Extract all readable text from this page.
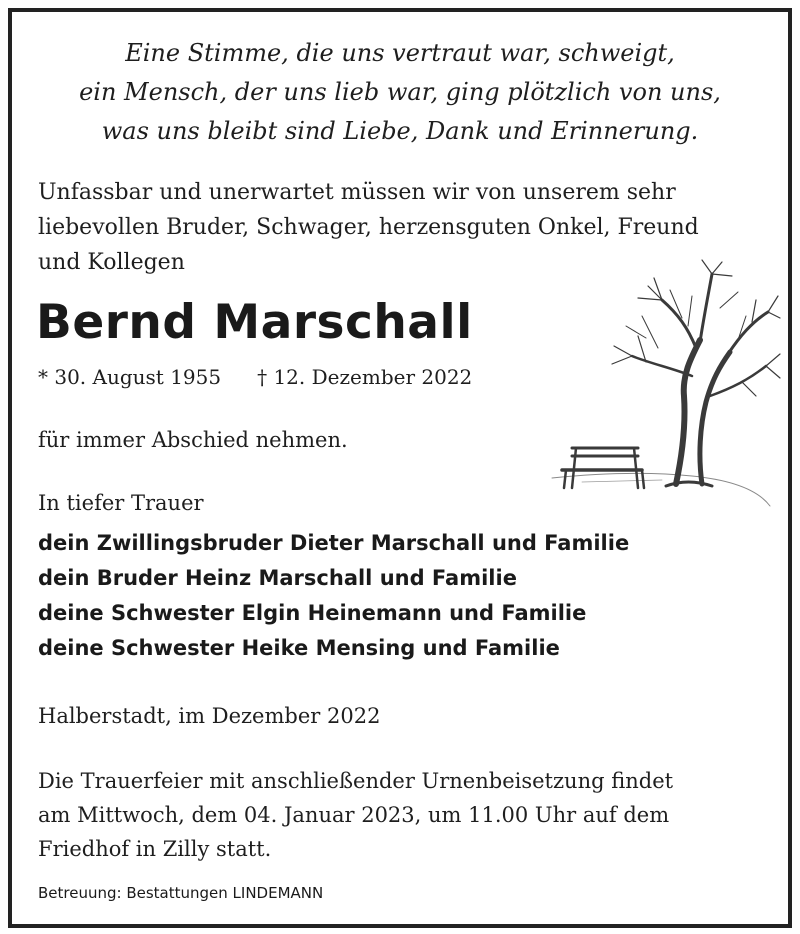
Eine Stimme, die uns vertraut war, schweigt,
ein Mensch, der uns lieb war, ging plötzlich von uns,
was uns bleibt sind Liebe, Dank und Erinnerung.
Unfassbar und unerwartet müssen wir von unserem sehr
liebevollen Bruder, Schwager, herzensguten Onkel, Freund
und Kollegen
Bernd Marschall
* 30. August 1955 † 12. Dezember 2022
für immer Abschied nehmen.
In tiefer Trauer
dein Zwillingsbruder Dieter Marschall und Familie
dein Bruder Heinz Marschall und Familie
deine Schwester Elgin Heinemann und Familie
deine Schwester Heike Mensing und Familie
Halberstadt, im Dezember 2022
Die Trauerfeier mit anschließender Urnenbeisetzung findet
am Mittwoch, dem 04. Januar 2023, um 11.00 Uhr auf dem
Friedhof in Zilly statt.
Betreuung: Bestattungen LINDEMANN
